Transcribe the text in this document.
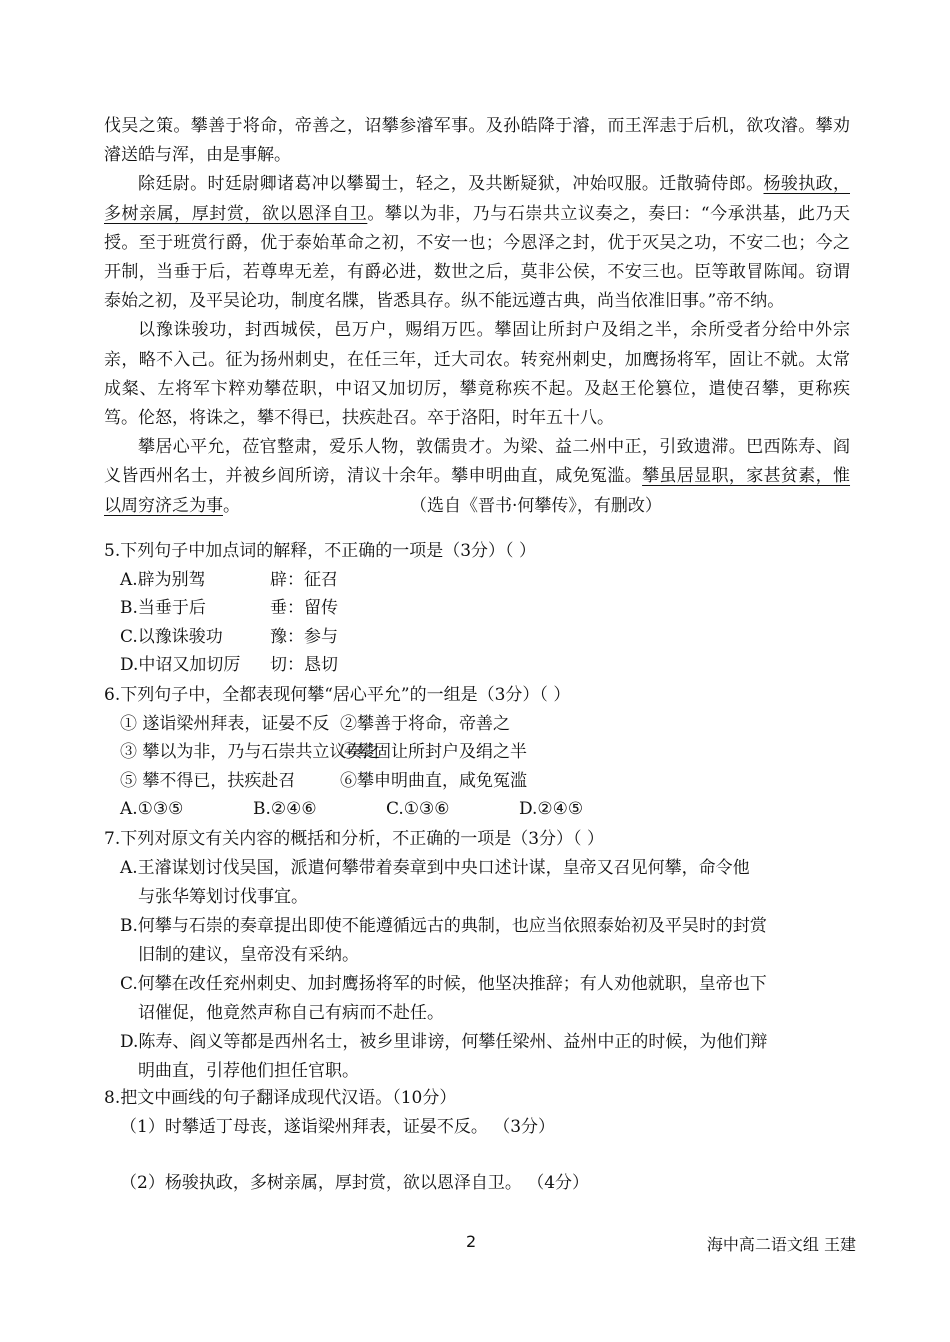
伐吴之策。攀善于将命，帝善之，诏攀参濬军事。及孙皓降于濬，而王浑恚于后机，欲攻濬。攀劝濬送皓与浑，由是事解。

除廷尉。时廷尉卿诸葛冲以攀蜀士，轻之，及共断疑狱，冲始叹服。迁散骑侍郎。杨骏执政，多树亲属，厚封赏，欲以恩泽自卫。攀以为非，乃与石崇共立议奏之，奏曰：“今承洪基，此乃天授。至于班赏行爵，优于泰始革命之初，不安一也；今恩泽之封，优于灭吴之功，不安二也；今之开制，当垂于后，若尊卑无差，有爵必进，数世之后，莫非公侯，不安三也。臣等敢冒陈闻。窃谓泰始之初，及平吴论功，制度名牒，皆悉具存。纵不能远遵古典，尚当依准旧事。”帝不纳。

以豫诛骏功，封西城侯，邑万户，赐绢万匹。攀固让所封户及绢之半，余所受者分给中外宗亲，略不入己。征为扬州刺史，在任三年，迁大司农。转兖州刺史，加鹰扬将军，固让不就。太常成粲、左将军卞粹劝攀莅职，中诏又加切厉，攀竟称疾不起。及赵王伦篡位，遣使召攀，更称疾笃。伦怒，将诛之，攀不得已，扶疾赴召。卒于洛阳，时年五十八。

攀居心平允，莅官整肃，爱乐人物，敦儒贵才。为梁、益二州中正，引致遗滞。巴西陈寿、阎义皆西州名士，并被乡闾所谤，清议十余年。攀申明曲直，咸免冤滥。攀虽居显职，家甚贫素，惟以周穷济乏为事。	（选自《晋书·何攀传》，有删改）

5.下列句子中加点词的解释，不正确的一项是（3分）（ ）
A.辟为别驾	辟：征召
B.当垂于后	垂：留传
C.以豫诛骏功	豫：参与
D.中诏又加切厉 切：恳切
6.下列句子中，全都表现何攀“居心平允”的一组是（3分）（ ）
① 遂诣梁州拜表，证晏不反 ②攀善于将命，帝善之
③ 攀以为非，乃与石崇共立议奏之④攀固让所封户及绢之半
⑤ 攀不得已，扶疾赴召	⑥攀申明曲直，咸免冤滥
A.①③⑤	B.②④⑥	C.①③⑥	D.②④⑤
7.下列对原文有关内容的概括和分析，不正确的一项是（3分）（ ）
A.王濬谋划讨伐吴国，派遣何攀带着奏章到中央口述计谋，皇帝又召见何攀，命令他
与张华筹划讨伐事宜。
B.何攀与石崇的奏章提出即使不能遵循远古的典制，也应当依照泰始初及平吴时的封赏
旧制的建议，皇帝没有采纳。
C.何攀在改任兖州刺史、加封鹰扬将军的时候，他坚决推辞；有人劝他就职，皇帝也下
诏催促，他竟然声称自己有病而不赴任。
D.陈寿、阎义等都是西州名士，被乡里诽谤，何攀任梁州、益州中正的时候，为他们辩
明曲直，引荐他们担任官职。
8.把文中画线的句子翻译成现代汉语。（10分）
（1）时攀适丁母丧，遂诣梁州拜表，证晏不反。 （3分）
（2）杨骏执政，多树亲属，厚封赏，欲以恩泽自卫。 （4分）
2	海中高二语文组 王建
